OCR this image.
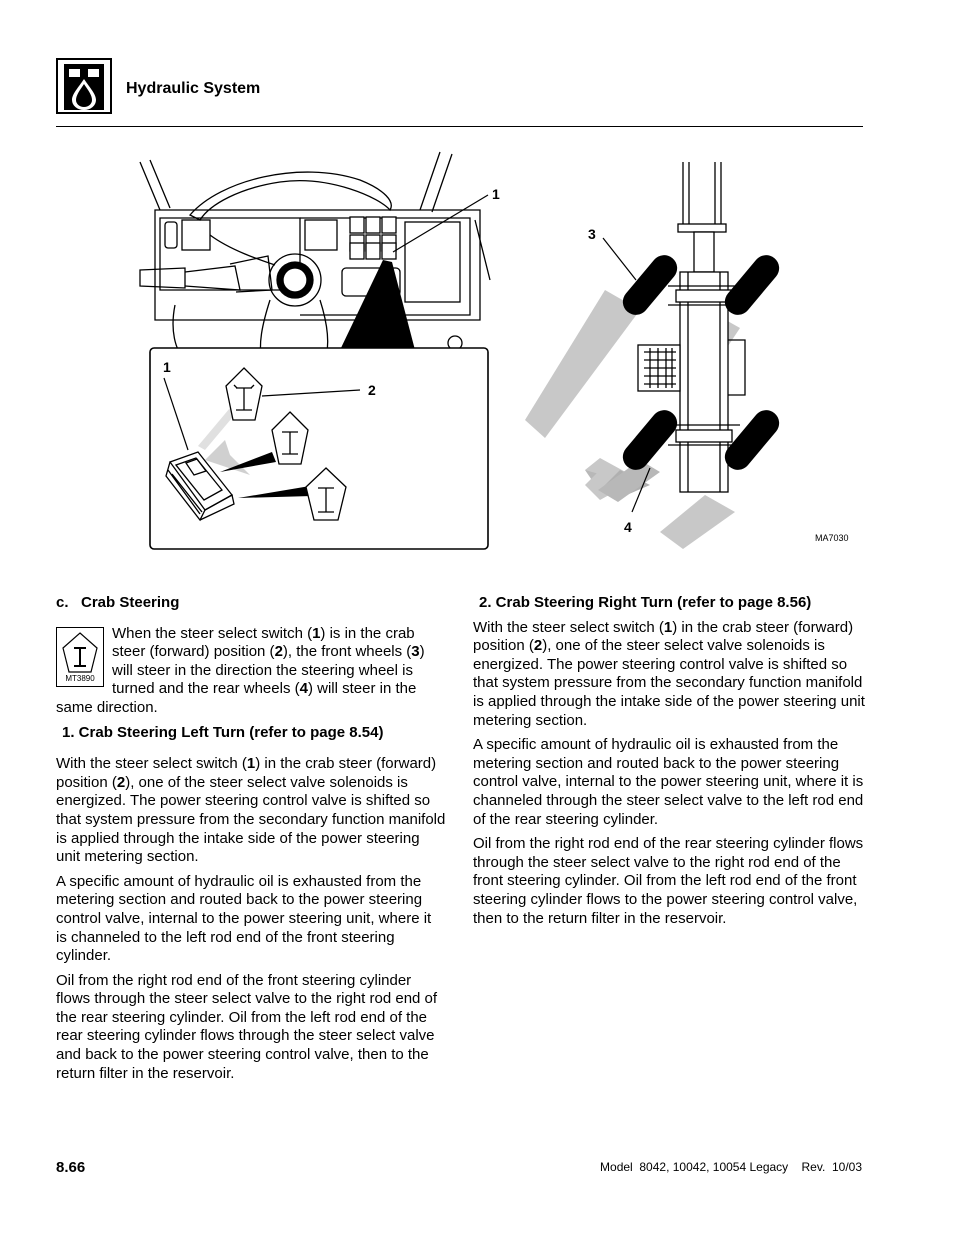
Hydraulic System
1
3
1
2
4
MA7030
c.   Crab Steering
MT3890

When the steer select switch (1) is in the crab steer (forward) position (2), the front wheels (3) will steer in the direction the steering wheel is turned and the rear wheels (4) will steer in the same direction.

1. Crab Steering Left Turn (refer to page 8.54)

With the steer select switch (1) in the crab steer (forward) position (2), one of the steer select valve solenoids is energized. The power steering control valve is shifted so that system pressure from the secondary function manifold is applied through the intake side of the power steering unit metering section.

A specific amount of hydraulic oil is exhausted from the metering section and routed back to the power steering control valve, internal to the power steering unit, where it is channeled to the left rod end of the front steering cylinder.

Oil from the right rod end of the front steering cylinder flows through the steer select valve to the right rod end of the rear steering cylinder. Oil from the left rod end of the rear steering cylinder flows through the steer select valve and back to the power steering control valve, then to the return filter in the reservoir.

2. Crab Steering Right Turn (refer to page 8.56)

With the steer select switch (1) in the crab steer (forward) position (2), one of the steer select valve solenoids is energized. The power steering control valve is shifted so that system pressure from the secondary function manifold is applied through the intake side of the power steering unit metering section.

A specific amount of hydraulic oil is exhausted from the metering section and routed back to the power steering control valve, internal to the power steering unit, where it is channeled through the steer select valve to the left rod end of the rear steering cylinder.

Oil from the right rod end of the rear steering cylinder flows through the steer select valve to the right rod end of the front steering cylinder. Oil from the left rod end of the front steering cylinder flows to the power steering control valve, then to the return filter in the reservoir.

8.66	Model  8042, 10042, 10054 Legacy    Rev.  10/03
